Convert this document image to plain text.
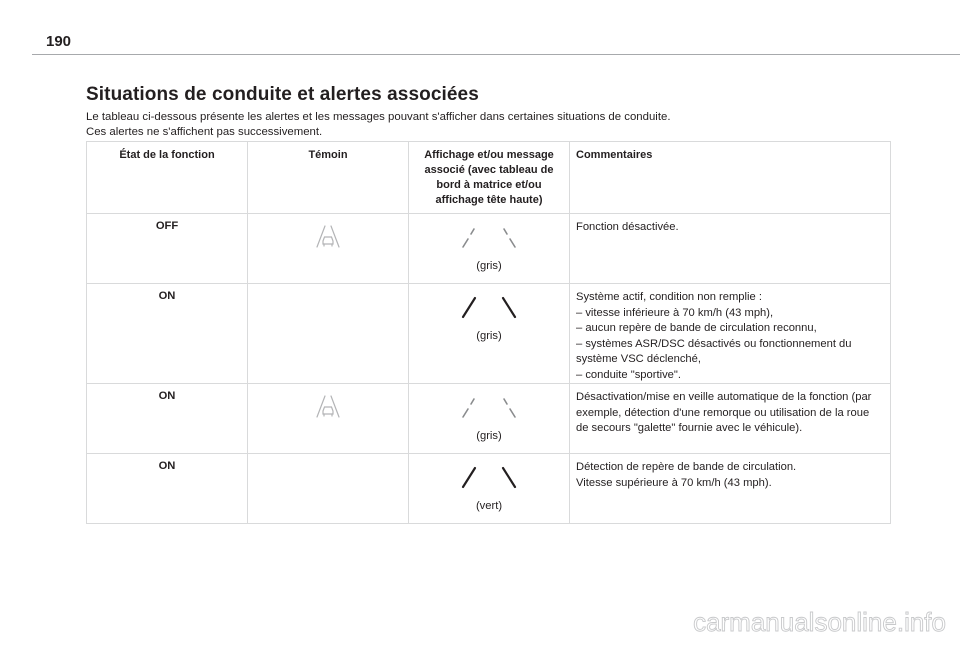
190
Situations de conduite et alertes associées

Le tableau ci-dessous présente les alertes et les messages pouvant s'afficher dans certaines situations de conduite.

Ces alertes ne s'affichent pas successivement.

État de la fonction	Témoin	Affichage et/ou message associé (avec tableau de bord à matrice et/ou affichage tête haute)	Commentaires
OFF		(gris)	Fonction désactivée.

ON		(gris)	Système actif, condition non remplie :
– vitesse inférieure à 70 km/h (43 mph),
– aucun repère de bande de circulation reconnu,
– systèmes ASR/DSC désactivés ou fonctionnement du système VSC déclenché,
– conduite "sportive".

ON		(gris)	Désactivation/mise en veille automatique de la fonction (par exemple, détection d'une remorque ou utilisation de la roue de secours "galette" fournie avec le véhicule).

ON		(vert)	Détection de repère de bande de circulation.
Vitesse supérieure à 70 km/h (43 mph).
carmanualsonline.info
